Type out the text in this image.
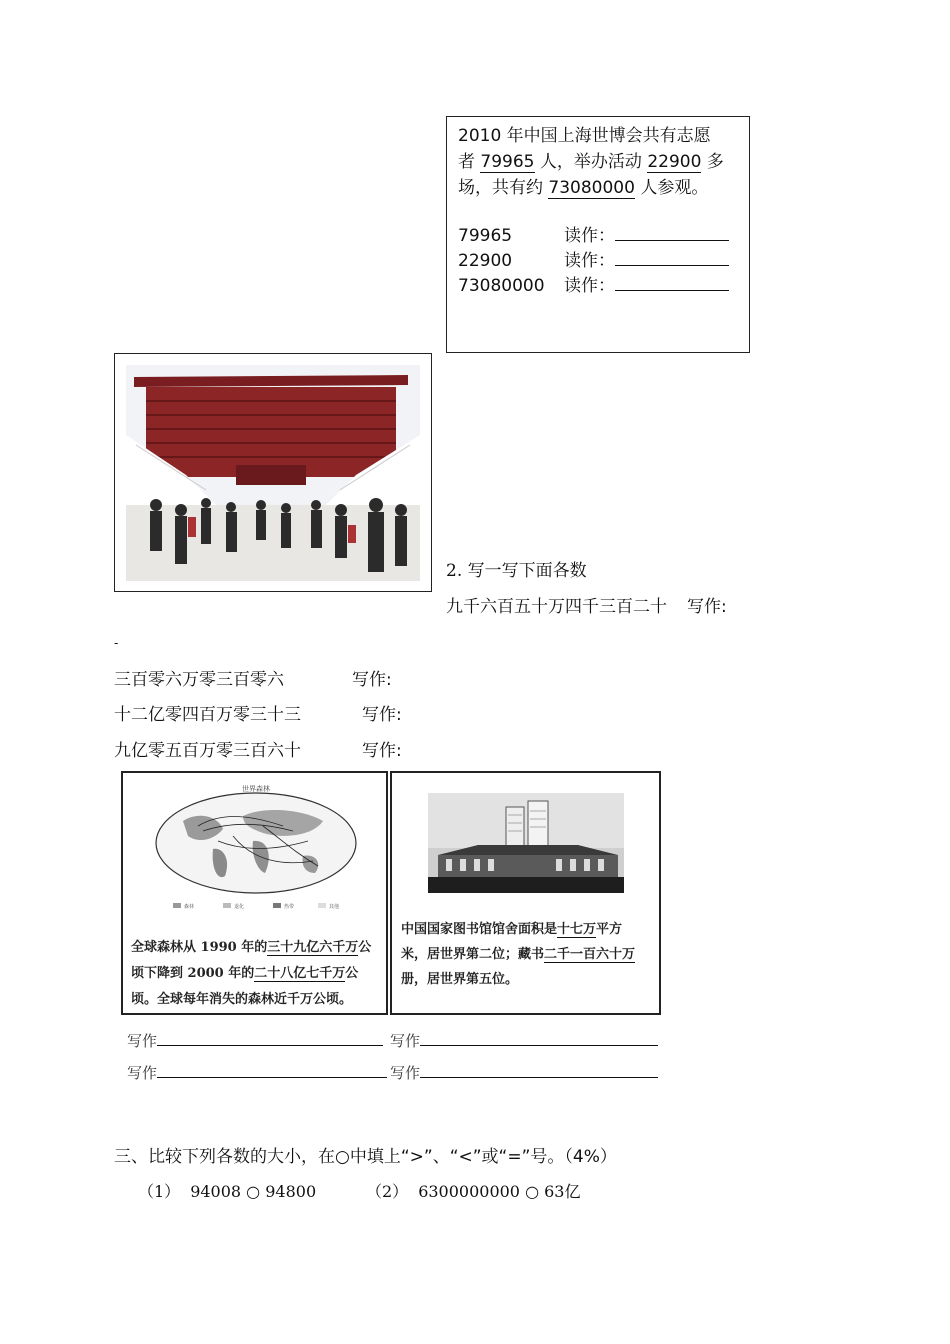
2010 年中国上海世博会共有志愿
者 79965 人，举办活动 22900 多
场，共有约 73080000 人参观。
79965	读作：
22900	读作：
73080000 读作：
2. 写一写下面各数
九千六百五十万四千三百二十 写作:
-
三百零六万零三百零六	写作:
十二亿零四百万零三十三	写作:
九亿零五百万零三百六十	写作:
世界森林
森林	退化	热带	其他
全球森林从 1990 年的三十九亿六千万公
顷下降到 2000 年的二十八亿七千万公
顷。全球每年消失的森林近千万公顷。
中国国家图书馆馆舍面积是十七万平方
米，居世界第二位；藏书二千一百六十万
册，居世界第五位。
写作	写作
写作	写作
三、比较下列各数的大小，在○中填上“>”、“<”或“=”号。（4%）
（1） 94008 ○ 94800	（2） 6300000000 ○ 63亿
